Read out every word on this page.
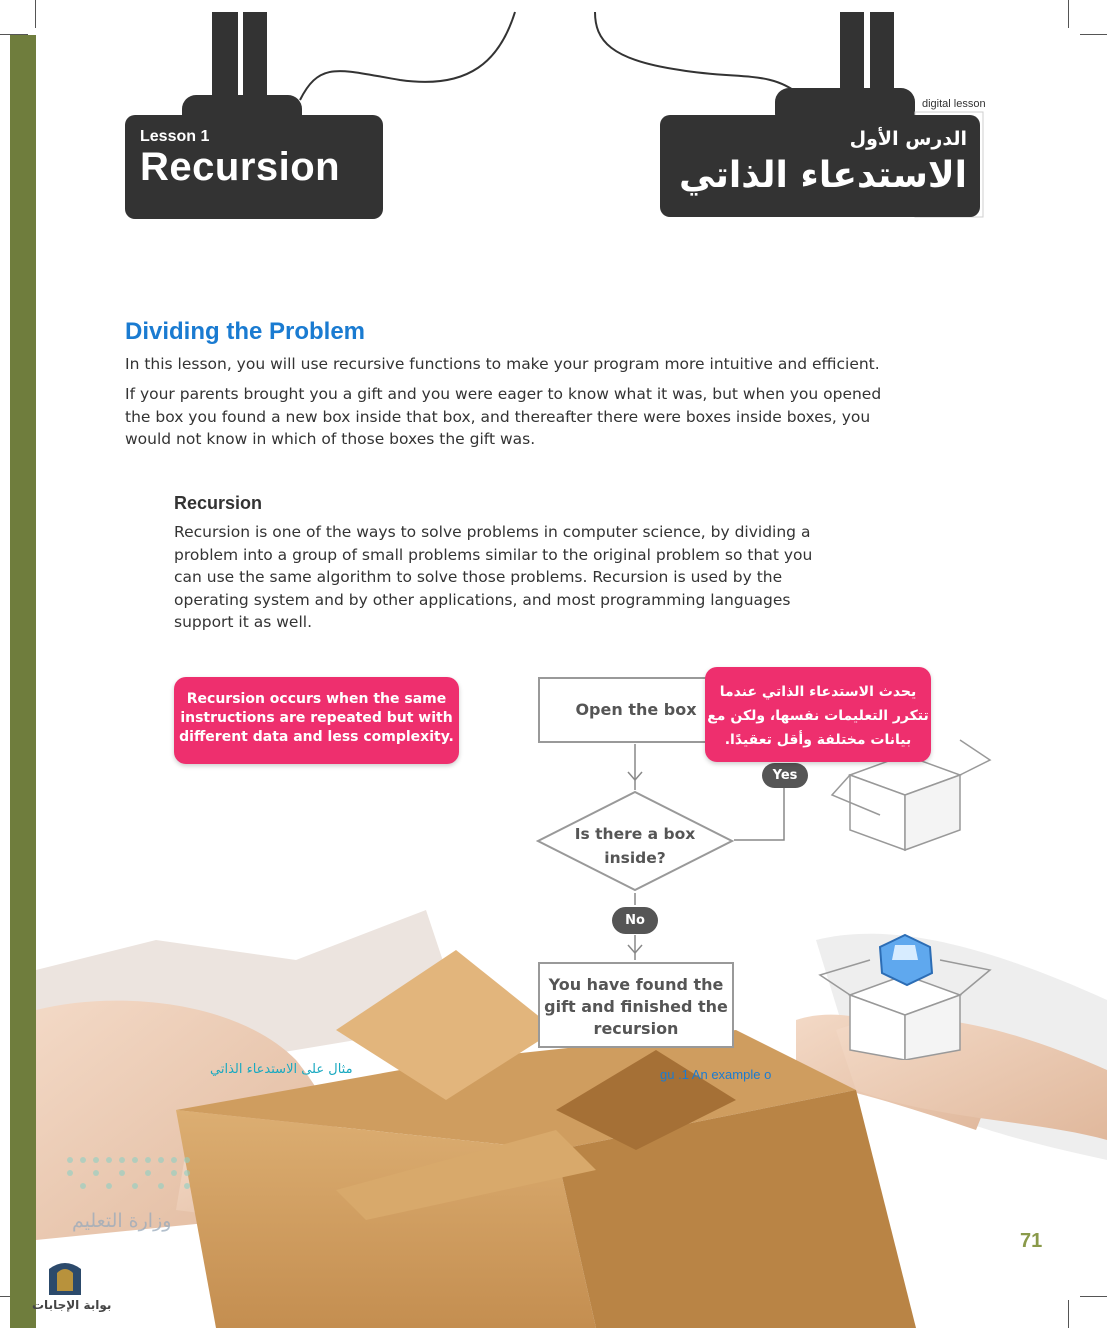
Lesson 1
Recursion
digital lesson
الدرس الأول
الاستدعاء الذاتي
Dividing the Problem
In this lesson, you will use recursive functions to make your program more intuitive and efficient.
If your parents brought you a gift and you were eager to know what it was, but when you opened the box you found a new box inside that box, and thereafter there were boxes inside boxes, you would not know in which of those boxes the gift was.
Recursion
Recursion is one of the ways to solve problems in computer science, by dividing a problem into a group of small problems similar to the original problem so that you can use the same algorithm to solve those problems. Recursion is used by the operating system and by other applications, and most programming languages support it as well.
Recursion occurs when the same instructions are repeated but with different data and less complexity.
Is there a box inside?
Open the box
You have found the gift and finished the recursion
Yes
No
يحدث الاستدعاء الذاتي عندما تتكرر التعليمات نفسها، ولكن مع بيانات مختلفة وأقل تعقيدًا.
مثال على الاستدعاء الذاتي	gu .1 An example o
وزارة التعليم
بوابة الإجابات
71
